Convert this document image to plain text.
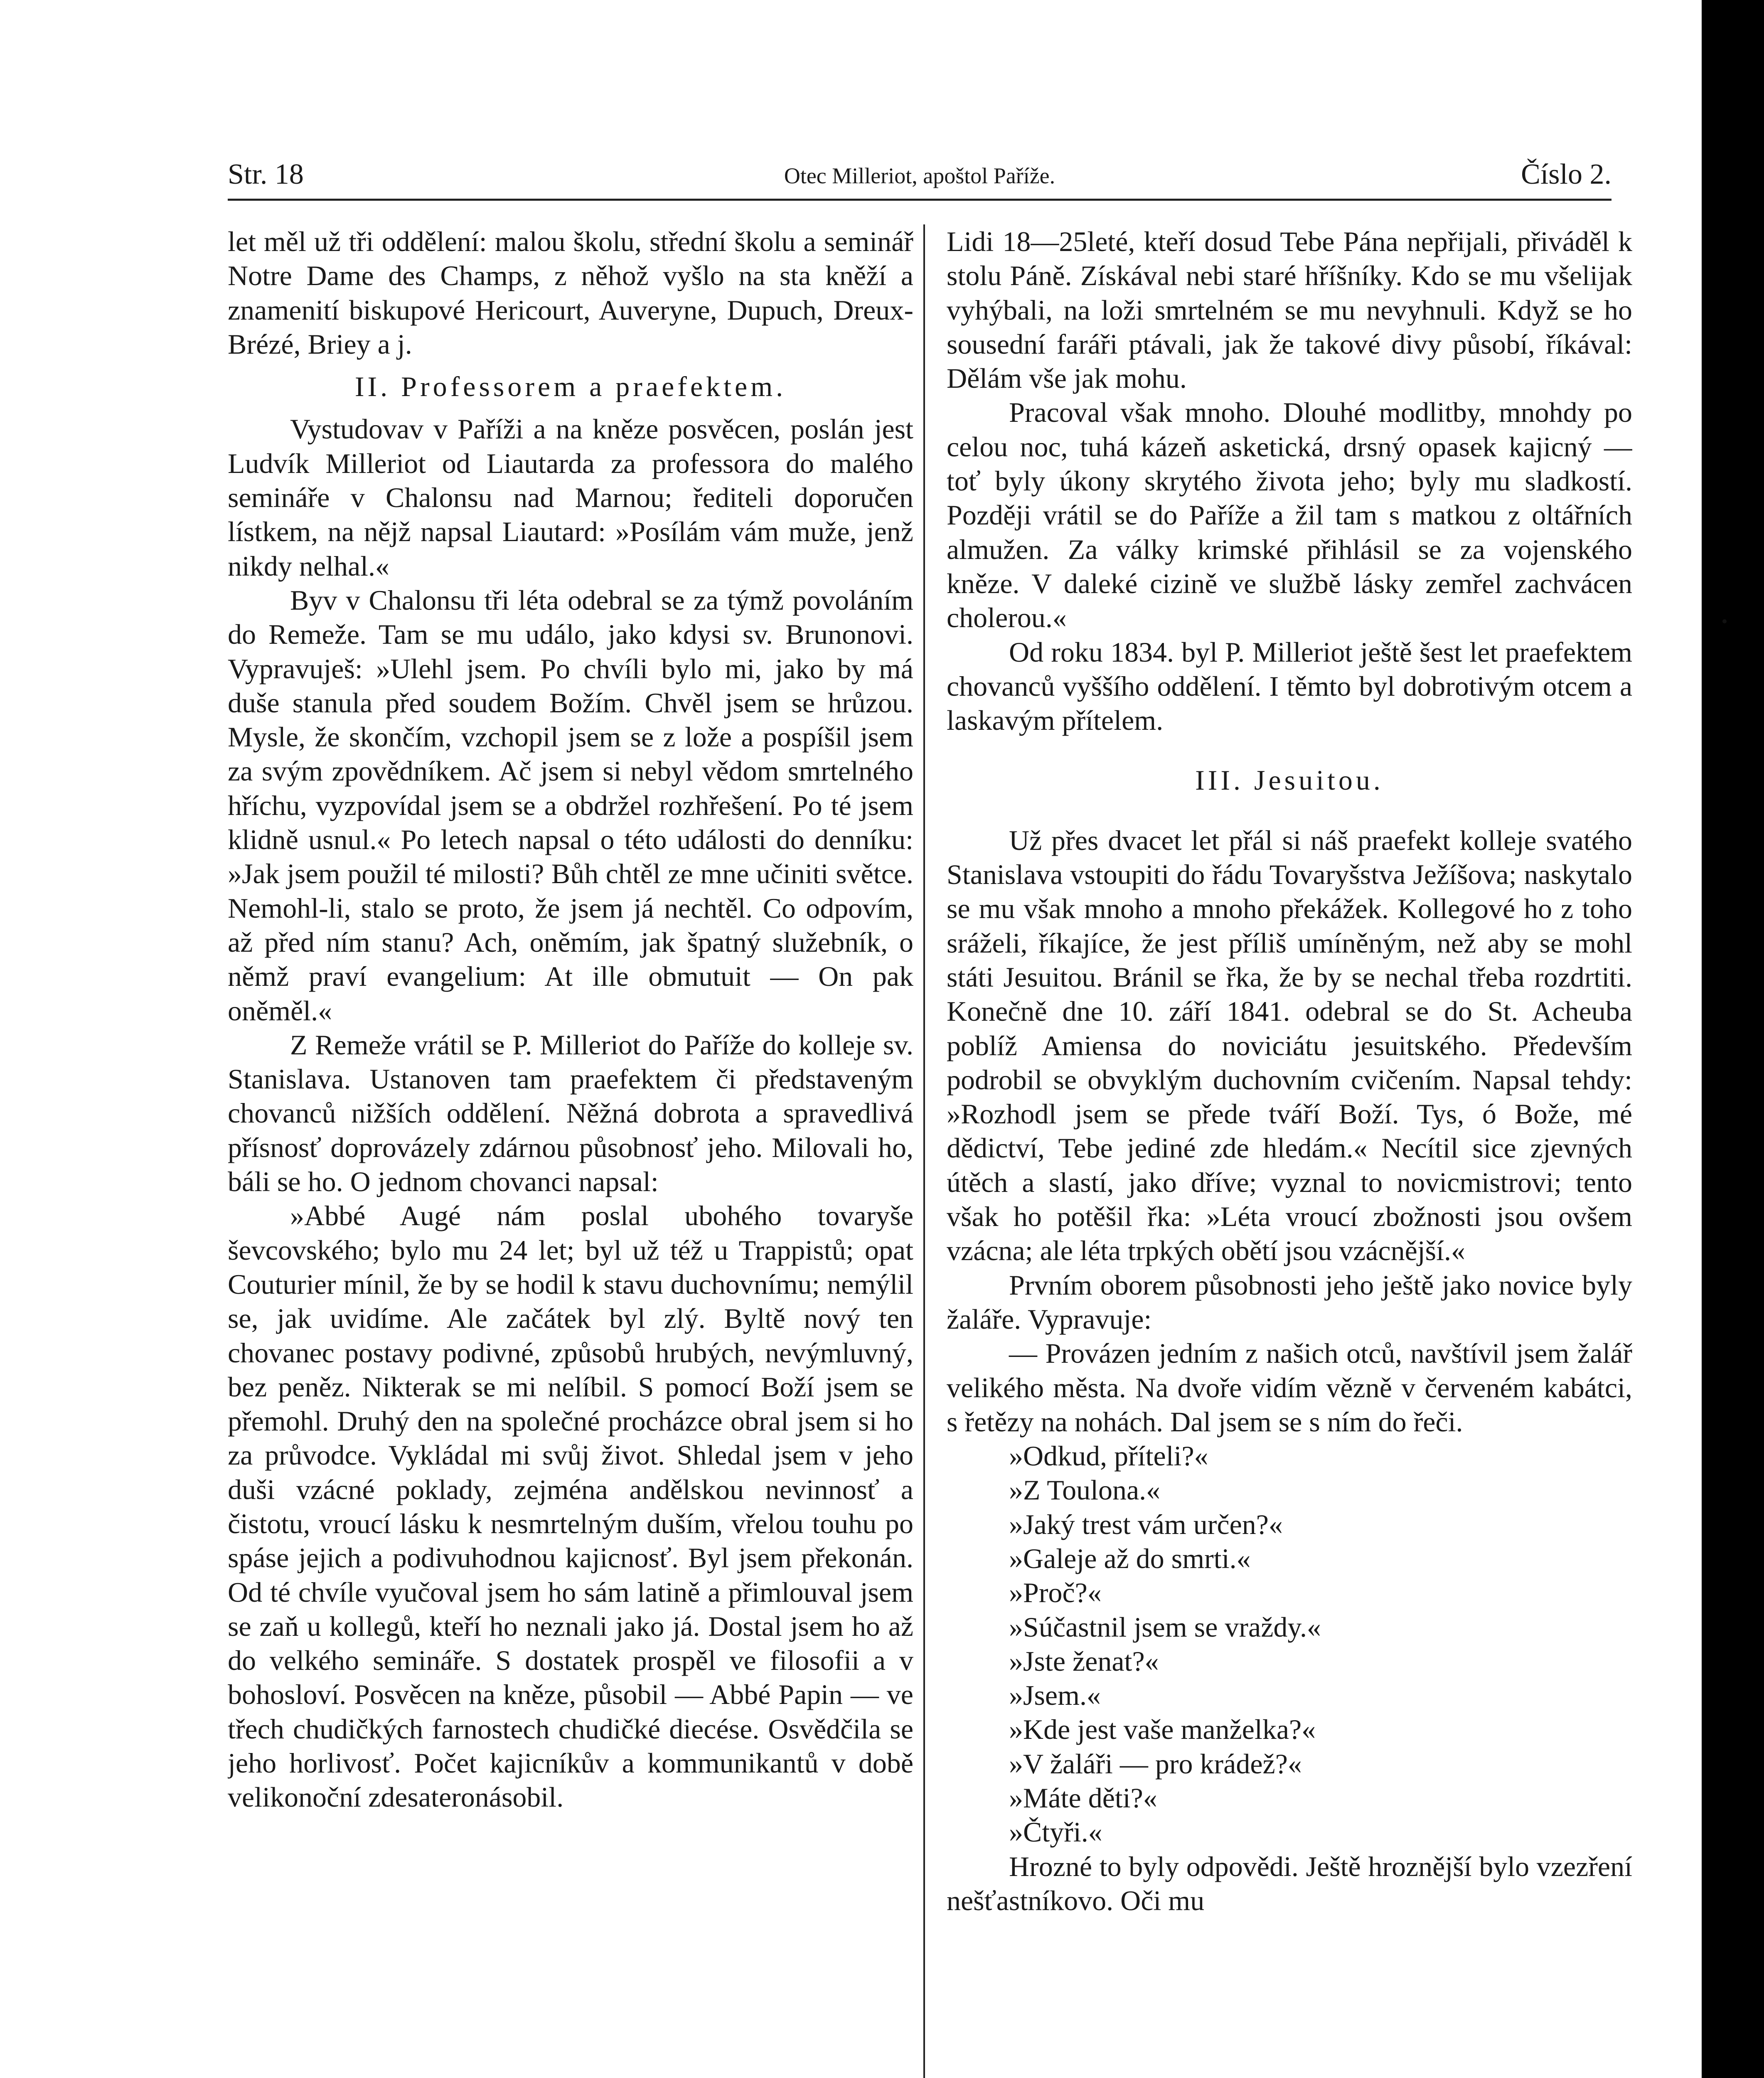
Str. 18	Otec Milleriot, apoštol Paříže.	Číslo 2.

let měl už tři oddělení: malou školu, střední školu a seminář Notre Dame des Champs, z něhož vyšlo na sta kněží a znamenití biskupové Hericourt, Auveryne, Dupuch, Dreux-Brézé, Briey a j.

II. Professorem a praefektem.

Vystudovav v Paříži a na kněze posvěcen, poslán jest Ludvík Milleriot od Liautarda za professora do malého semináře v Chalonsu nad Marnou; řediteli doporučen lístkem, na nějž napsal Liautard: »Posílám vám muže, jenž nikdy nelhal.«

Byv v Chalonsu tři léta odebral se za týmž povoláním do Remeže. Tam se mu událo, jako kdysi sv. Brunonovi. Vypravuješ: »Ulehl jsem. Po chvíli bylo mi, jako by má duše stanula před soudem Božím. Chvěl jsem se hrůzou. Mysle, že skončím, vzchopil jsem se z lože a pospíšil jsem za svým zpovědníkem. Ač jsem si nebyl vědom smrtelného hříchu, vyzpovídal jsem se a obdržel rozhřešení. Po té jsem klidně usnul.« Po letech napsal o této události do denníku: »Jak jsem použil té milosti? Bůh chtěl ze mne učiniti světce. Nemohl-li, stalo se proto, že jsem já nechtěl. Co odpovím, až před ním stanu? Ach, oněmím, jak špatný služebník, o němž praví evangelium: At ille obmutuit — On pak oněměl.«

Z Remeže vrátil se P. Milleriot do Paříže do kolleje sv. Stanislava. Ustanoven tam praefektem či představeným chovanců nižších oddělení. Něžná dobrota a spravedlivá přísnosť doprovázely zdárnou působnosť jeho. Milovali ho, báli se ho. O jednom chovanci napsal:

»Abbé Augé nám poslal ubohého tovaryše ševcovského; bylo mu 24 let; byl už též u Trappistů; opat Couturier mínil, že by se hodil k stavu duchovnímu; nemýlil se, jak uvidíme. Ale začátek byl zlý. Byltě nový ten chovanec postavy podivné, způsobů hrubých, nevýmluvný, bez peněz. Nikterak se mi nelíbil. S pomocí Boží jsem se přemohl. Druhý den na společné procházce obral jsem si ho za průvodce. Vykládal mi svůj život. Shledal jsem v jeho duši vzácné poklady, zejména andělskou nevinnosť a čistotu, vroucí lásku k nesmrtelným duším, vřelou touhu po spáse jejich a podivuhodnou kajicnosť. Byl jsem překonán. Od té chvíle vyučoval jsem ho sám latině a přimlouval jsem se zaň u kollegů, kteří ho neznali jako já. Dostal jsem ho až do velkého semináře. S dostatek prospěl ve filosofii a v bohosloví. Posvěcen na kněze, působil — Abbé Papin — ve třech chudičkých farnostech chudičké diecése. Osvědčila se jeho horlivosť. Počet kajicníkův a kommunikantů v době velikonoční zdesateronásobil.

Lidi 18—25leté, kteří dosud Tebe Pána nepřijali, přiváděl k stolu Páně. Získával nebi staré hříšníky. Kdo se mu všelijak vyhýbali, na loži smrtelném se mu nevyhnuli. Když se ho sousední faráři ptávali, jak že takové divy působí, říkával: Dělám vše jak mohu.

Pracoval však mnoho. Dlouhé modlitby, mnohdy po celou noc, tuhá kázeň asketická, drsný opasek kajicný — toť byly úkony skrytého života jeho; byly mu sladkostí. Později vrátil se do Paříže a žil tam s matkou z oltářních almužen. Za války krimské přihlásil se za vojenského kněze. V daleké cizině ve službě lásky zemřel zachvácen cholerou.«

Od roku 1834. byl P. Milleriot ještě šest let praefektem chovanců vyššího oddělení. I těmto byl dobrotivým otcem a laskavým přítelem.

III. Jesuitou.

Už přes dvacet let přál si náš praefekt kolleje svatého Stanislava vstoupiti do řádu Tovaryšstva Ježíšova; naskytalo se mu však mnoho a mnoho překážek. Kollegové ho z toho sráželi, říkajíce, že jest příliš umíněným, než aby se mohl státi Jesuitou. Bránil se řka, že by se nechal třeba rozdrtiti. Konečně dne 10. září 1841. odebral se do St. Acheuba poblíž Amiensa do noviciátu jesuitského. Především podrobil se obvyklým duchovním cvičením. Napsal tehdy: »Rozhodl jsem se přede tváří Boží. Tys, ó Bože, mé dědictví, Tebe jediné zde hledám.« Necítil sice zjevných útěch a slastí, jako dříve; vyznal to novicmistrovi; tento však ho potěšil řka: »Léta vroucí zbožnosti jsou ovšem vzácna; ale léta trpkých obětí jsou vzácnější.«

Prvním oborem působnosti jeho ještě jako novice byly žaláře. Vypravuje:

— Provázen jedním z našich otců, navštívil jsem žalář velikého města. Na dvoře vidím vězně v červeném kabátci, s řetězy na nohách. Dal jsem se s ním do řeči.

»Odkud, příteli?«

»Z Toulona.«

»Jaký trest vám určen?«

»Galeje až do smrti.«

»Proč?«

»Súčastnil jsem se vraždy.«

»Jste ženat?«

»Jsem.«

»Kde jest vaše manželka?«

»V žaláři — pro krádež?«

»Máte děti?«

»Čtyři.«

Hrozné to byly odpovědi. Ještě hroznější bylo vzezření nešťastníkovo. Oči mu
